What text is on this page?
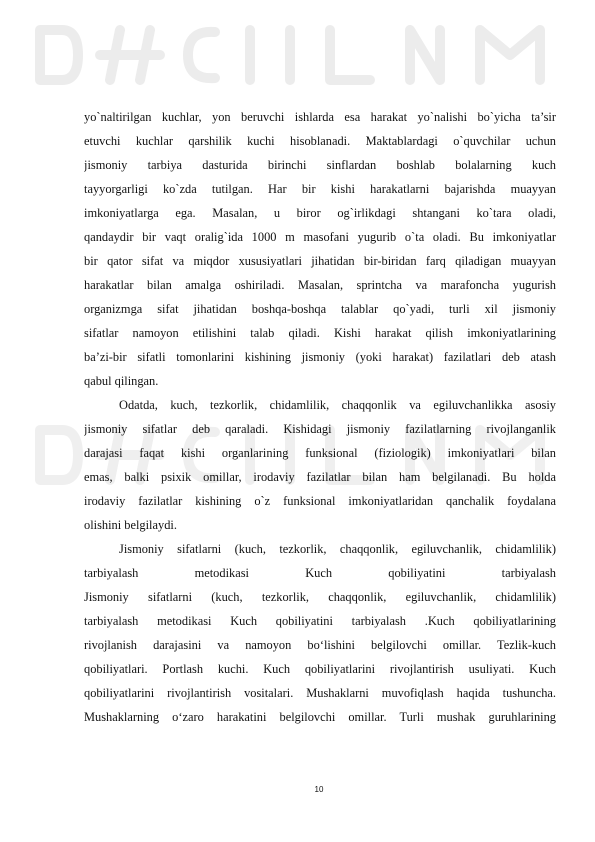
yo`naltirilgan kuchlar, yon beruvchi ishlarda esa harakat yo`nalishi bo`yicha ta’sir
etuvchi kuchlar qarshilik kuchi hisoblanadi. Maktablardagi o`quvchilar uchun
jismoniy tarbiya dasturida birinchi sinflardan boshlab bolalarning kuch
tayyorgarligi ko`zda tutilgan. Har bir kishi harakatlarni bajarishda muayyan
imkoniyatlarga ega. Masalan, u biror og`irlikdagi shtangani ko`tara oladi,
qandaydir bir vaqt oralig`ida 1000 m masofani yugurib o`ta oladi. Bu imkoniyatlar
bir qator sifat va miqdor xususiyatlari jihatidan bir-biridan farq qiladigan muayyan
harakatlar bilan amalga oshiriladi. Masalan, sprintcha va marafoncha yugurish
organizmga sifat jihatidan boshqa-boshqa talablar qo`yadi, turli xil jismoniy
sifatlar namoyon etilishini talab qiladi. Kishi harakat qilish imkoniyatlarining
ba’zi-bir sifatli tomonlarini kishining jismoniy (yoki harakat) fazilatlari deb atash
qabul qilingan.
Odatda, kuch, tezkorlik, chidamlilik, chaqqonlik va egiluvchanlikka asosiy
jismoniy sifatlar deb qaraladi. Kishidagi jismoniy fazilatlarning rivojlanganlik
darajasi faqat kishi organlarining funksional (fiziologik) imkoniyatlari bilan
emas, balki psixik omillar, irodaviy fazilatlar bilan ham belgilanadi. Bu holda
irodaviy fazilatlar kishining o`z funksional imkoniyatlaridan qanchalik foydalana
olishini belgilaydi.
Jismoniy sifatlarni (kuch, tezkorlik, chaqqonlik, egiluvchanlik, chidamlilik)
tarbiyalash metodikasi Kuch qobiliyatini tarbiyalash
Jismoniy sifatlarni (kuch, tezkorlik, chaqqonlik, egiluvchanlik, chidamlilik)
tarbiyalash metodikasi Kuch qobiliyatini tarbiyalash .Kuch qobiliyatlarining
rivojlanish darajasini va namoyon bo‘lishini belgilovchi omillar. Tezlik-kuch
qobiliyatlari. Portlash kuchi. Kuch qobiliyatlarini rivojlantirish usuliyati. Kuch
qobiliyatlarini rivojlantirish vositalari. Mushaklarni muvofiqlash haqida tushuncha.
Mushaklarning o‘zaro harakatini belgilovchi omillar. Turli mushak guruhlarining
10
